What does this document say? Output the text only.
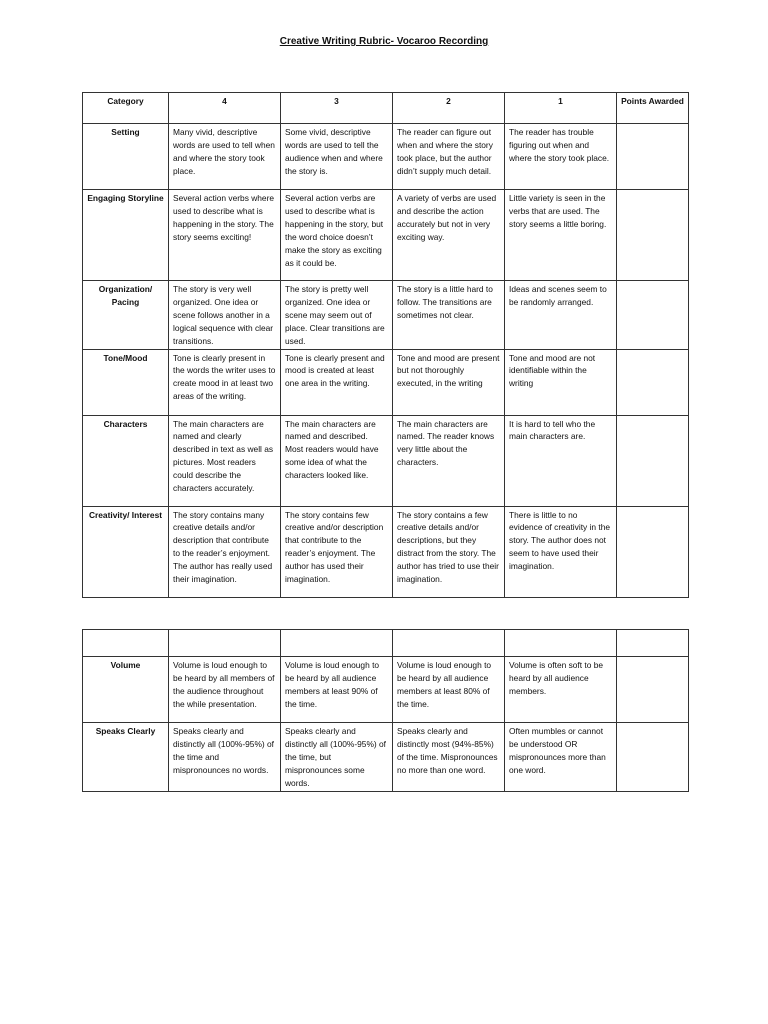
Creative Writing Rubric- Vocaroo Recording
Category	4	3	2	1	Points Awarded
Setting	Many vivid, descriptive words are used to tell when and where the story took place.	Some vivid, descriptive words are used to tell the audience when and where the story is.	The reader can figure out when and where the story took place, but the author didn’t supply much detail.	The reader has trouble figuring out when and where the story took place.	
Engaging Storyline	Several action verbs where used to describe what is happening in the story. The story seems exciting!	Several action verbs are used to describe what is happening in the story, but the word choice doesn’t make the story as exciting as it could be.	A variety of verbs are used and describe the action accurately but not in very exciting way.	Little variety is seen in the verbs that are used. The story seems a little boring.	
Organization/ Pacing	The story is very well organized. One idea or scene follows another in a logical sequence with clear transitions.	The story is pretty well organized. One idea or scene may seem out of place. Clear transitions are used.	The story is a little hard to follow. The transitions are sometimes not clear.	Ideas and scenes seem to be randomly arranged.	
Tone/Mood	Tone is clearly present in the words the writer uses to create mood in at least two areas of the writing.	Tone is clearly present and mood is created at least one area in the writing.	Tone and mood are present but not thoroughly executed, in the writing	Tone and mood are not identifiable within the writing	
Characters	The main characters are named and clearly described in text as well as pictures. Most readers could describe the characters accurately.	The main characters are named and described. Most readers would have some idea of what the characters looked like.	The main characters are named. The reader knows very little about the characters.	It is hard to tell who the main characters are.	
Creativity/ Interest	The story contains many creative details and/or description that contribute to the reader’s enjoyment. The author has really used their imagination.	The story contains few creative and/or description that contribute to the reader’s enjoyment. The author has used their imagination.	The story contains a few creative details and/or descriptions, but they distract from the story. The author has tried to use their imagination.	There is little to no evidence of creativity in the story. The author does not seem to have used their imagination.	

Volume	Volume is loud enough to be heard by all members of the audience throughout the while presentation.	Volume is loud enough to be heard by all audience members at least 90% of the time.	Volume is loud enough to be heard by all audience members at least 80% of the time.	Volume is often soft to be heard by all audience members.	
Speaks Clearly	Speaks clearly and distinctly all (100%-95%) of the time and mispronounces no words.	Speaks clearly and distinctly all (100%-95%) of the time, but mispronounces some words.	Speaks clearly and distinctly most (94%-85%) of the time. Mispronounces no more than one word.	Often mumbles or cannot be understood OR mispronounces more than one word.	
